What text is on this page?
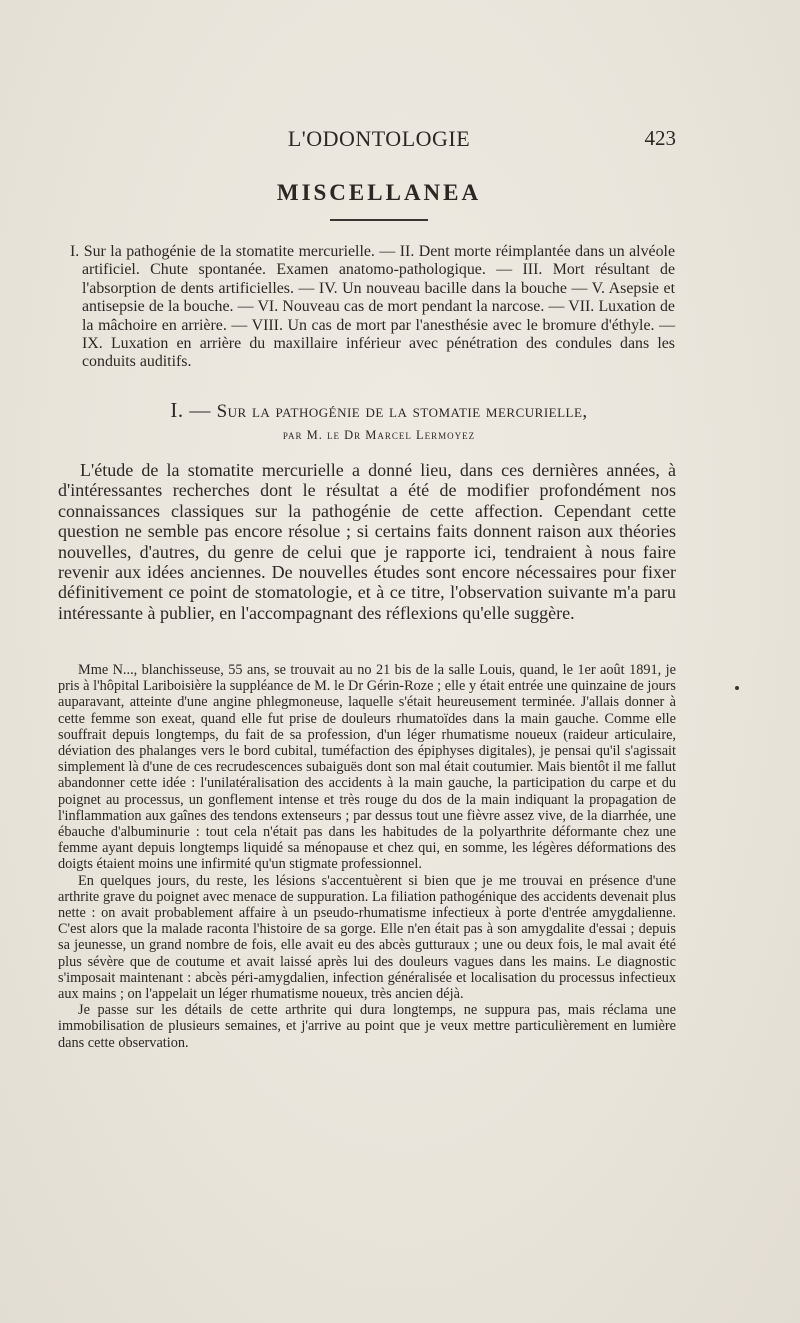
L'ODONTOLOGIE	423
MISCELLANEA
I. Sur la pathogénie de la stomatite mercurielle. — II. Dent morte réimplantée dans un alvéole artificiel. Chute spontanée. Examen anatomo-pathologique. — III. Mort résultant de l'absorption de dents artificielles. — IV. Un nouveau bacille dans la bouche — V. Asepsie et antisepsie de la bouche. — VI. Nouveau cas de mort pendant la narcose. — VII. Luxation de la mâchoire en arrière. — VIII. Un cas de mort par l'anesthésie avec le bromure d'éthyle. — IX. Luxation en arrière du maxillaire inférieur avec pénétration des condules dans les conduits auditifs.
I. — Sur la pathogénie de la stomatie mercurielle,
par M. le Dr Marcel Lermoyez
L'étude de la stomatite mercurielle a donné lieu, dans ces dernières années, à d'intéressantes recherches dont le résultat a été de modifier profondément nos connaissances classiques sur la pathogénie de cette affection. Cependant cette question ne semble pas encore résolue ; si certains faits donnent raison aux théories nouvelles, d'autres, du genre de celui que je rapporte ici, tendraient à nous faire revenir aux idées anciennes. De nouvelles études sont encore nécessaires pour fixer définitivement ce point de stomatologie, et à ce titre, l'observation suivante m'a paru intéressante à publier, en l'accompagnant des réflexions qu'elle suggère.

Mme N..., blanchisseuse, 55 ans, se trouvait au no 21 bis de la salle Louis, quand, le 1er août 1891, je pris à l'hôpital Lariboisière la suppléance de M. le Dr Gérin-Roze ; elle y était entrée une quinzaine de jours auparavant, atteinte d'une angine phlegmoneuse, laquelle s'était heureusement terminée. J'allais donner à cette femme son exeat, quand elle fut prise de douleurs rhumatoïdes dans la main gauche. Comme elle souffrait depuis longtemps, du fait de sa profession, d'un léger rhumatisme noueux (raideur articulaire, déviation des phalanges vers le bord cubital, tuméfaction des épiphyses digitales), je pensai qu'il s'agissait simplement là d'une de ces recrudescences subaiguës dont son mal était coutumier. Mais bientôt il me fallut abandonner cette idée : l'unilatéralisation des accidents à la main gauche, la participation du carpe et du poignet au processus, un gonflement intense et très rouge du dos de la main indiquant la propagation de l'inflammation aux gaînes des tendons extenseurs ; par dessus tout une fièvre assez vive, de la diarrhée, une ébauche d'albuminurie : tout cela n'était pas dans les habitudes de la polyarthrite déformante chez une femme ayant depuis longtemps liquidé sa ménopause et chez qui, en somme, les légères déformations des doigts étaient moins une infirmité qu'un stigmate professionnel.

En quelques jours, du reste, les lésions s'accentuèrent si bien que je me trouvai en présence d'une arthrite grave du poignet avec menace de suppuration. La filiation pathogénique des accidents devenait plus nette : on avait probablement affaire à un pseudo-rhumatisme infectieux à porte d'entrée amygdalienne. C'est alors que la malade raconta l'histoire de sa gorge. Elle n'en était pas à son amygdalite d'essai ; depuis sa jeunesse, un grand nombre de fois, elle avait eu des abcès gutturaux ; une ou deux fois, le mal avait été plus sévère que de coutume et avait laissé après lui des douleurs vagues dans les mains. Le diagnostic s'imposait maintenant : abcès péri-amygdalien, infection généralisée et localisation du processus infectieux aux mains ; on l'appelait un léger rhumatisme noueux, très ancien déjà.

Je passe sur les détails de cette arthrite qui dura longtemps, ne suppura pas, mais réclama une immobilisation de plusieurs semaines, et j'arrive au point que je veux mettre particulièrement en lumière dans cette observation.
